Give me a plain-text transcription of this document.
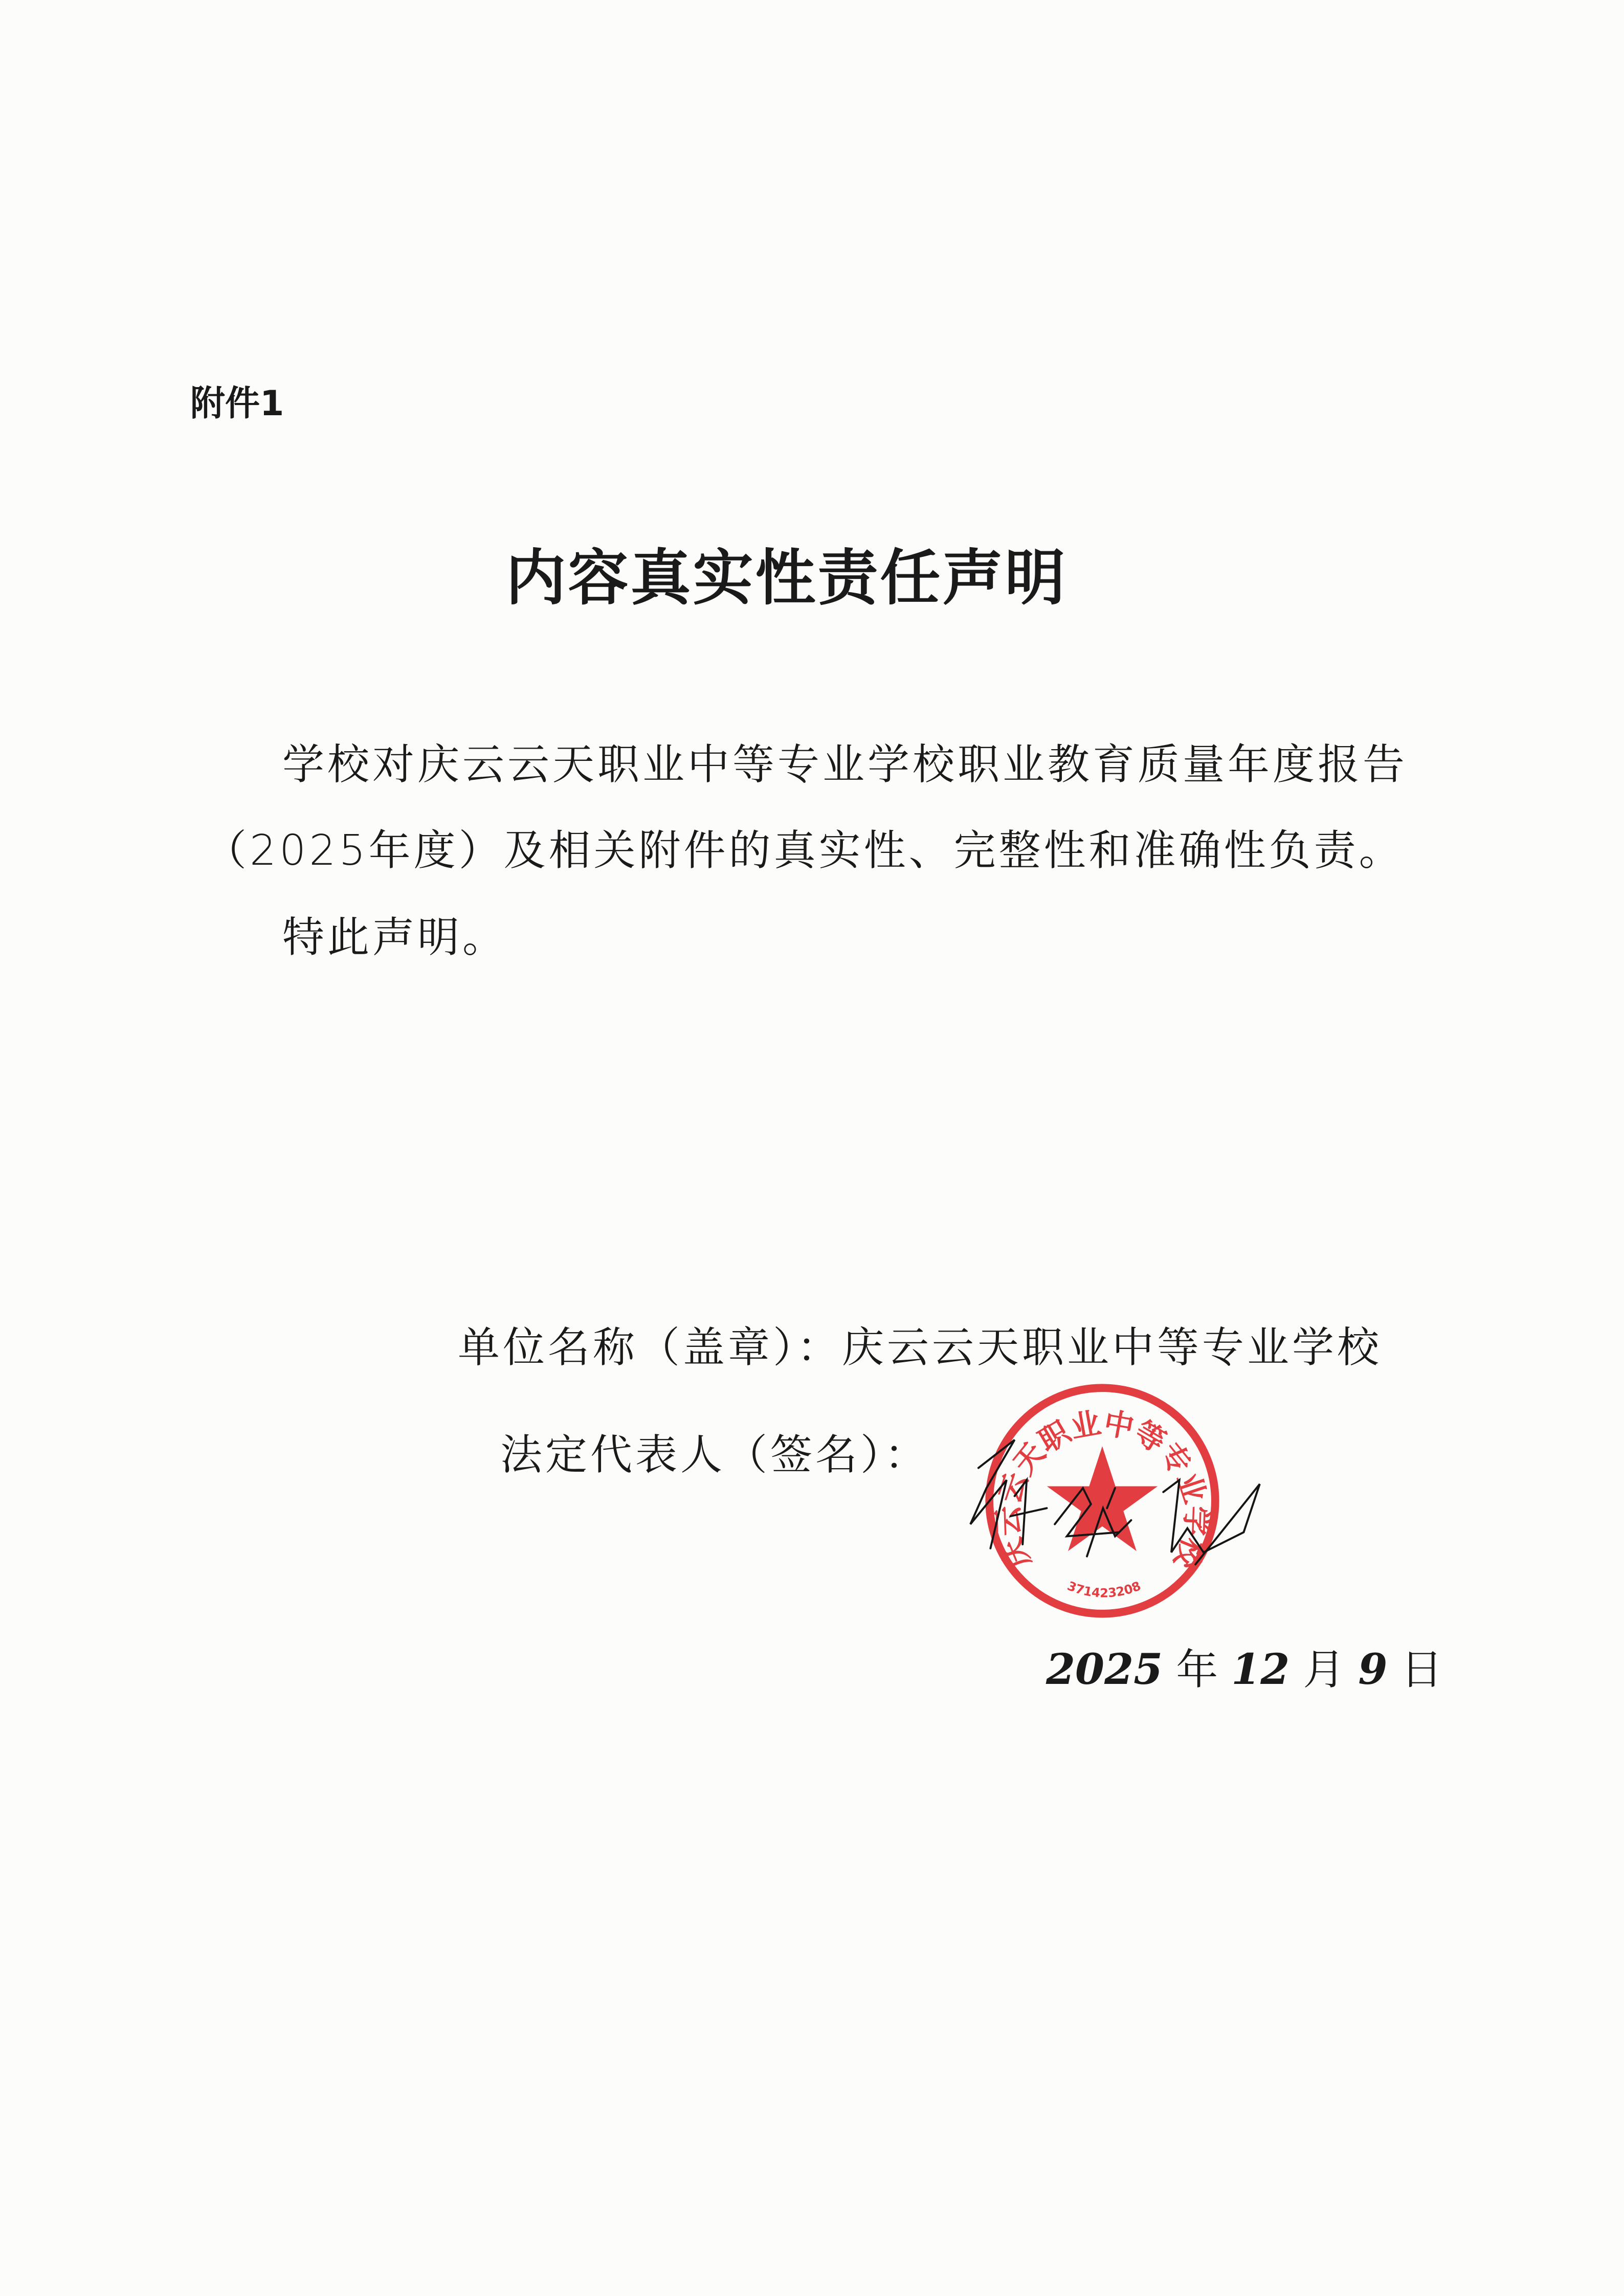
附件1
内容真实性责任声明
学校对庆云云天职业中等专业学校职业教育质量年度报告
（2025年度）及相关附件的真实性、完整性和准确性负责。
特此声明。
单位名称（盖章）：庆云云天职业中等专业学校
法定代表人（签名）：
庆云云天职业中等专业学校
371423208
2025 年 12 月 9 日
